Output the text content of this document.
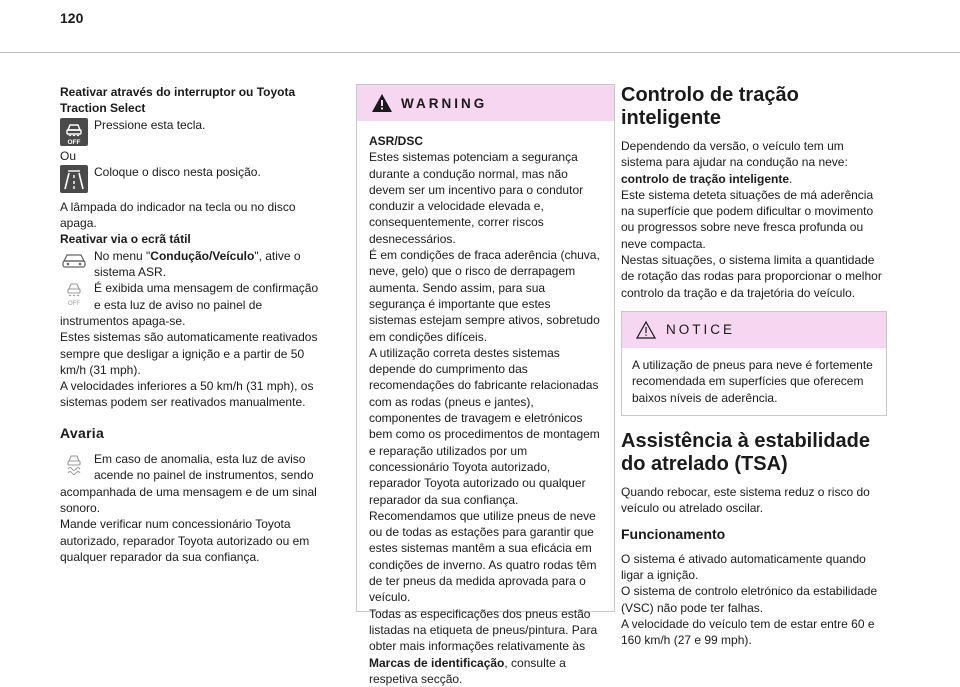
120

Reativar através do interruptor ou Toyota Traction Select

OFF

Pressione esta tecla.

Ou

Coloque o disco nesta posição.

A lâmpada do indicador na tecla ou no disco apaga.

Reativar via o ecrã tátil

No menu "Condução/Veículo", ative o sistema ASR.

OFF

É exibida uma mensagem de confirmação e esta luz de aviso no painel de

instrumentos apaga-se.

Estes sistemas são automaticamente reativados sempre que desligar a ignição e a partir de 50 km/h (31 mph).

A velocidades inferiores a 50 km/h (31 mph), os sistemas podem ser reativados manualmente.

Avaria

Em caso de anomalia, esta luz de aviso acende no painel de instrumentos, sendo

acompanhada de uma mensagem e de um sinal sonoro.

Mande verificar num concessionário Toyota autorizado, reparador Toyota autorizado ou em qualquer reparador da sua confiança.

WARNING

ASR/DSC

Estes sistemas potenciam a segurança durante a condução normal, mas não devem ser um incentivo para o condutor conduzir a velocidade elevada e, consequentemente, correr riscos desnecessários.

É em condições de fraca aderência (chuva, neve, gelo) que o risco de derrapagem aumenta. Sendo assim, para sua segurança é importante que estes sistemas estejam sempre ativos, sobretudo em condições difíceis.

A utilização correta destes sistemas depende do cumprimento das recomendações do fabricante relacionadas com as rodas (pneus e jantes), componentes de travagem e eletrónicos bem como os procedimentos de montagem e reparação utilizados por um concessionário Toyota autorizado, reparador Toyota autorizado ou qualquer reparador da sua confiança.

Recomendamos que utilize pneus de neve ou de todas as estações para garantir que estes sistemas mantêm a sua eficácia em condições de inverno. As quatro rodas têm de ter pneus da medida aprovada para o veículo.

Todas as especificações dos pneus estão listadas na etiqueta de pneus/pintura. Para obter mais informações relativamente às Marcas de identificação, consulte a respetiva secção.

Controlo de tração inteligente

Dependendo da versão, o veículo tem um sistema para ajudar na condução na neve: controlo de tração inteligente.

Este sistema deteta situações de má aderência na superfície que podem dificultar o movimento ou progressos sobre neve fresca profunda ou neve compacta.

Nestas situações, o sistema limita a quantidade de rotação das rodas para proporcionar o melhor controlo da tração e da trajetória do veículo.

NOTICE
A utilização de pneus para neve é fortemente recomendada em superfícies que oferecem baixos níveis de aderência.
Assistência à estabilidade do atrelado (TSA)

Quando rebocar, este sistema reduz o risco do veículo ou atrelado oscilar.

Funcionamento

O sistema é ativado automaticamente quando ligar a ignição.

O sistema de controlo eletrónico da estabilidade (VSC) não pode ter falhas.

A velocidade do veículo tem de estar entre 60 e 160 km/h (27 e 99 mph).
